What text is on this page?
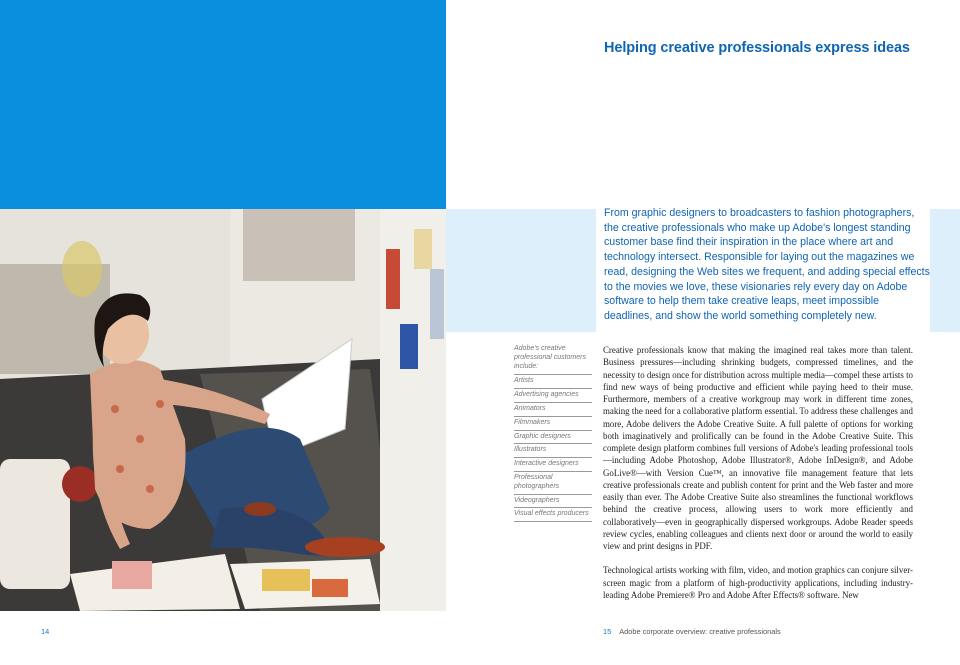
Helping creative professionals express ideas

From graphic designers to broadcasters to fashion photographers, the creative professionals who make up Adobe's longest standing customer base find their inspiration in the place where art and technology intersect. Responsible for laying out the magazines we read, designing the Web sites we frequent, and adding special effects to the movies we love, these visionaries rely every day on Adobe software to help them take creative leaps, meet impossible deadlines, and show the world something completely new.

Adobe's creative professional customers include:
Artists
Advertising agencies
Animators
Filmmakers
Graphic designers
Illustrators
Interactive designers
Professional photographers
Videographers
Visual effects producers

Creative professionals know that making the imagined real takes more than talent. Business pressures—including shrinking budgets, compressed timelines, and the necessity to design once for distribution across multiple media—compel these artists to find new ways of being productive and efficient while paying heed to their muse. Furthermore, members of a creative workgroup may work in different time zones, making the need for a collaborative platform essential. To address these challenges and more, Adobe delivers the Adobe Creative Suite. A full palette of options for working both imaginatively and prolifically can be found in the Adobe Creative Suite. This complete design platform combines full versions of Adobe's leading professional tools—including Adobe Photoshop, Adobe Illustrator®, Adobe InDesign®, and Adobe GoLive®—with Version Cue™, an innovative file management feature that lets creative professionals create and publish content for print and the Web faster and more easily than ever. The Adobe Creative Suite also streamlines the functional workflows behind the creative process, allowing users to work more efficiently and collaboratively—even in geographically dispersed workgroups. Adobe Reader speeds review cycles, enabling colleagues and clients next door or around the world to easily view and print designs in PDF.

Technological artists working with film, video, and motion graphics can conjure silver-screen magic from a platform of high-productivity applications, including industry-leading Adobe Premiere® Pro and Adobe After Effects® software. New

14	15 Adobe corporate overview: creative professionals
